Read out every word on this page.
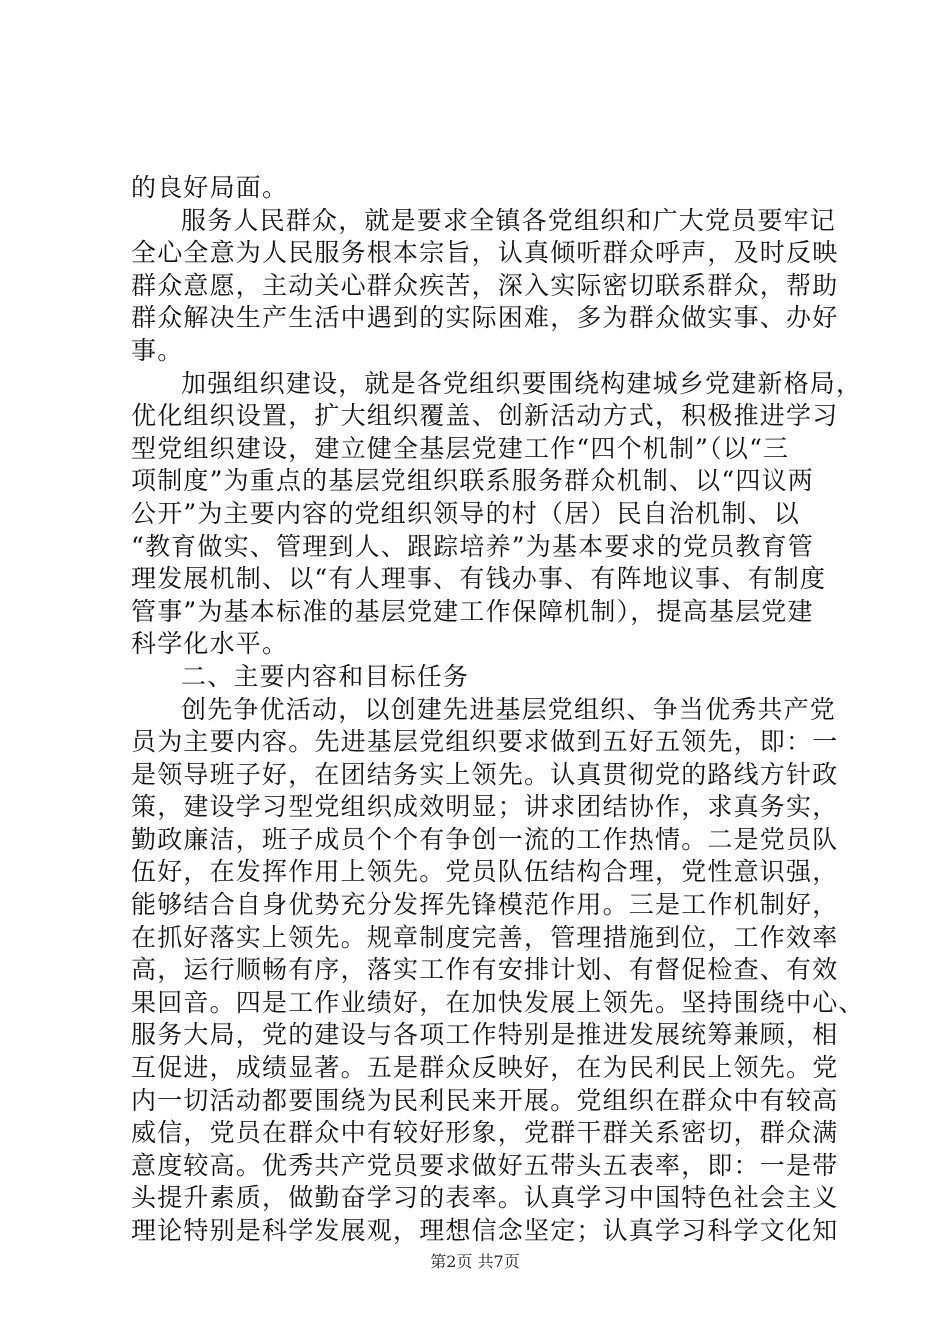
的良好局面。
服务人民群众，就是要求全镇各党组织和广大党员要牢记
全心全意为人民服务根本宗旨，认真倾听群众呼声，及时反映
群众意愿，主动关心群众疾苦，深入实际密切联系群众，帮助
群众解决生产生活中遇到的实际困难，多为群众做实事、办好
事。
加强组织建设，就是各党组织要围绕构建城乡党建新格局，
优化组织设置，扩大组织覆盖、创新活动方式，积极推进学习
型党组织建设，建立健全基层党建工作“四个机制”（以“三
项制度”为重点的基层党组织联系服务群众机制、以“四议两
公开”为主要内容的党组织领导的村（居）民自治机制、以
“教育做实、管理到人、跟踪培养”为基本要求的党员教育管
理发展机制、以“有人理事、有钱办事、有阵地议事、有制度
管事”为基本标准的基层党建工作保障机制），提高基层党建
科学化水平。
二、主要内容和目标任务
创先争优活动，以创建先进基层党组织、争当优秀共产党
员为主要内容。先进基层党组织要求做到五好五领先，即：一
是领导班子好，在团结务实上领先。认真贯彻党的路线方针政
策，建设学习型党组织成效明显；讲求团结协作，求真务实，
勤政廉洁，班子成员个个有争创一流的工作热情。二是党员队
伍好，在发挥作用上领先。党员队伍结构合理，党性意识强，
能够结合自身优势充分发挥先锋模范作用。三是工作机制好，
在抓好落实上领先。规章制度完善，管理措施到位，工作效率
高，运行顺畅有序，落实工作有安排计划、有督促检查、有效
果回音。四是工作业绩好，在加快发展上领先。坚持围绕中心、
服务大局，党的建设与各项工作特别是推进发展统筹兼顾，相
互促进，成绩显著。五是群众反映好，在为民利民上领先。党
内一切活动都要围绕为民利民来开展。党组织在群众中有较高
威信，党员在群众中有较好形象，党群干群关系密切，群众满
意度较高。优秀共产党员要求做好五带头五表率，即：一是带
头提升素质，做勤奋学习的表率。认真学习中国特色社会主义
理论特别是科学发展观，理想信念坚定；认真学习科学文化知
第2页 共7页
